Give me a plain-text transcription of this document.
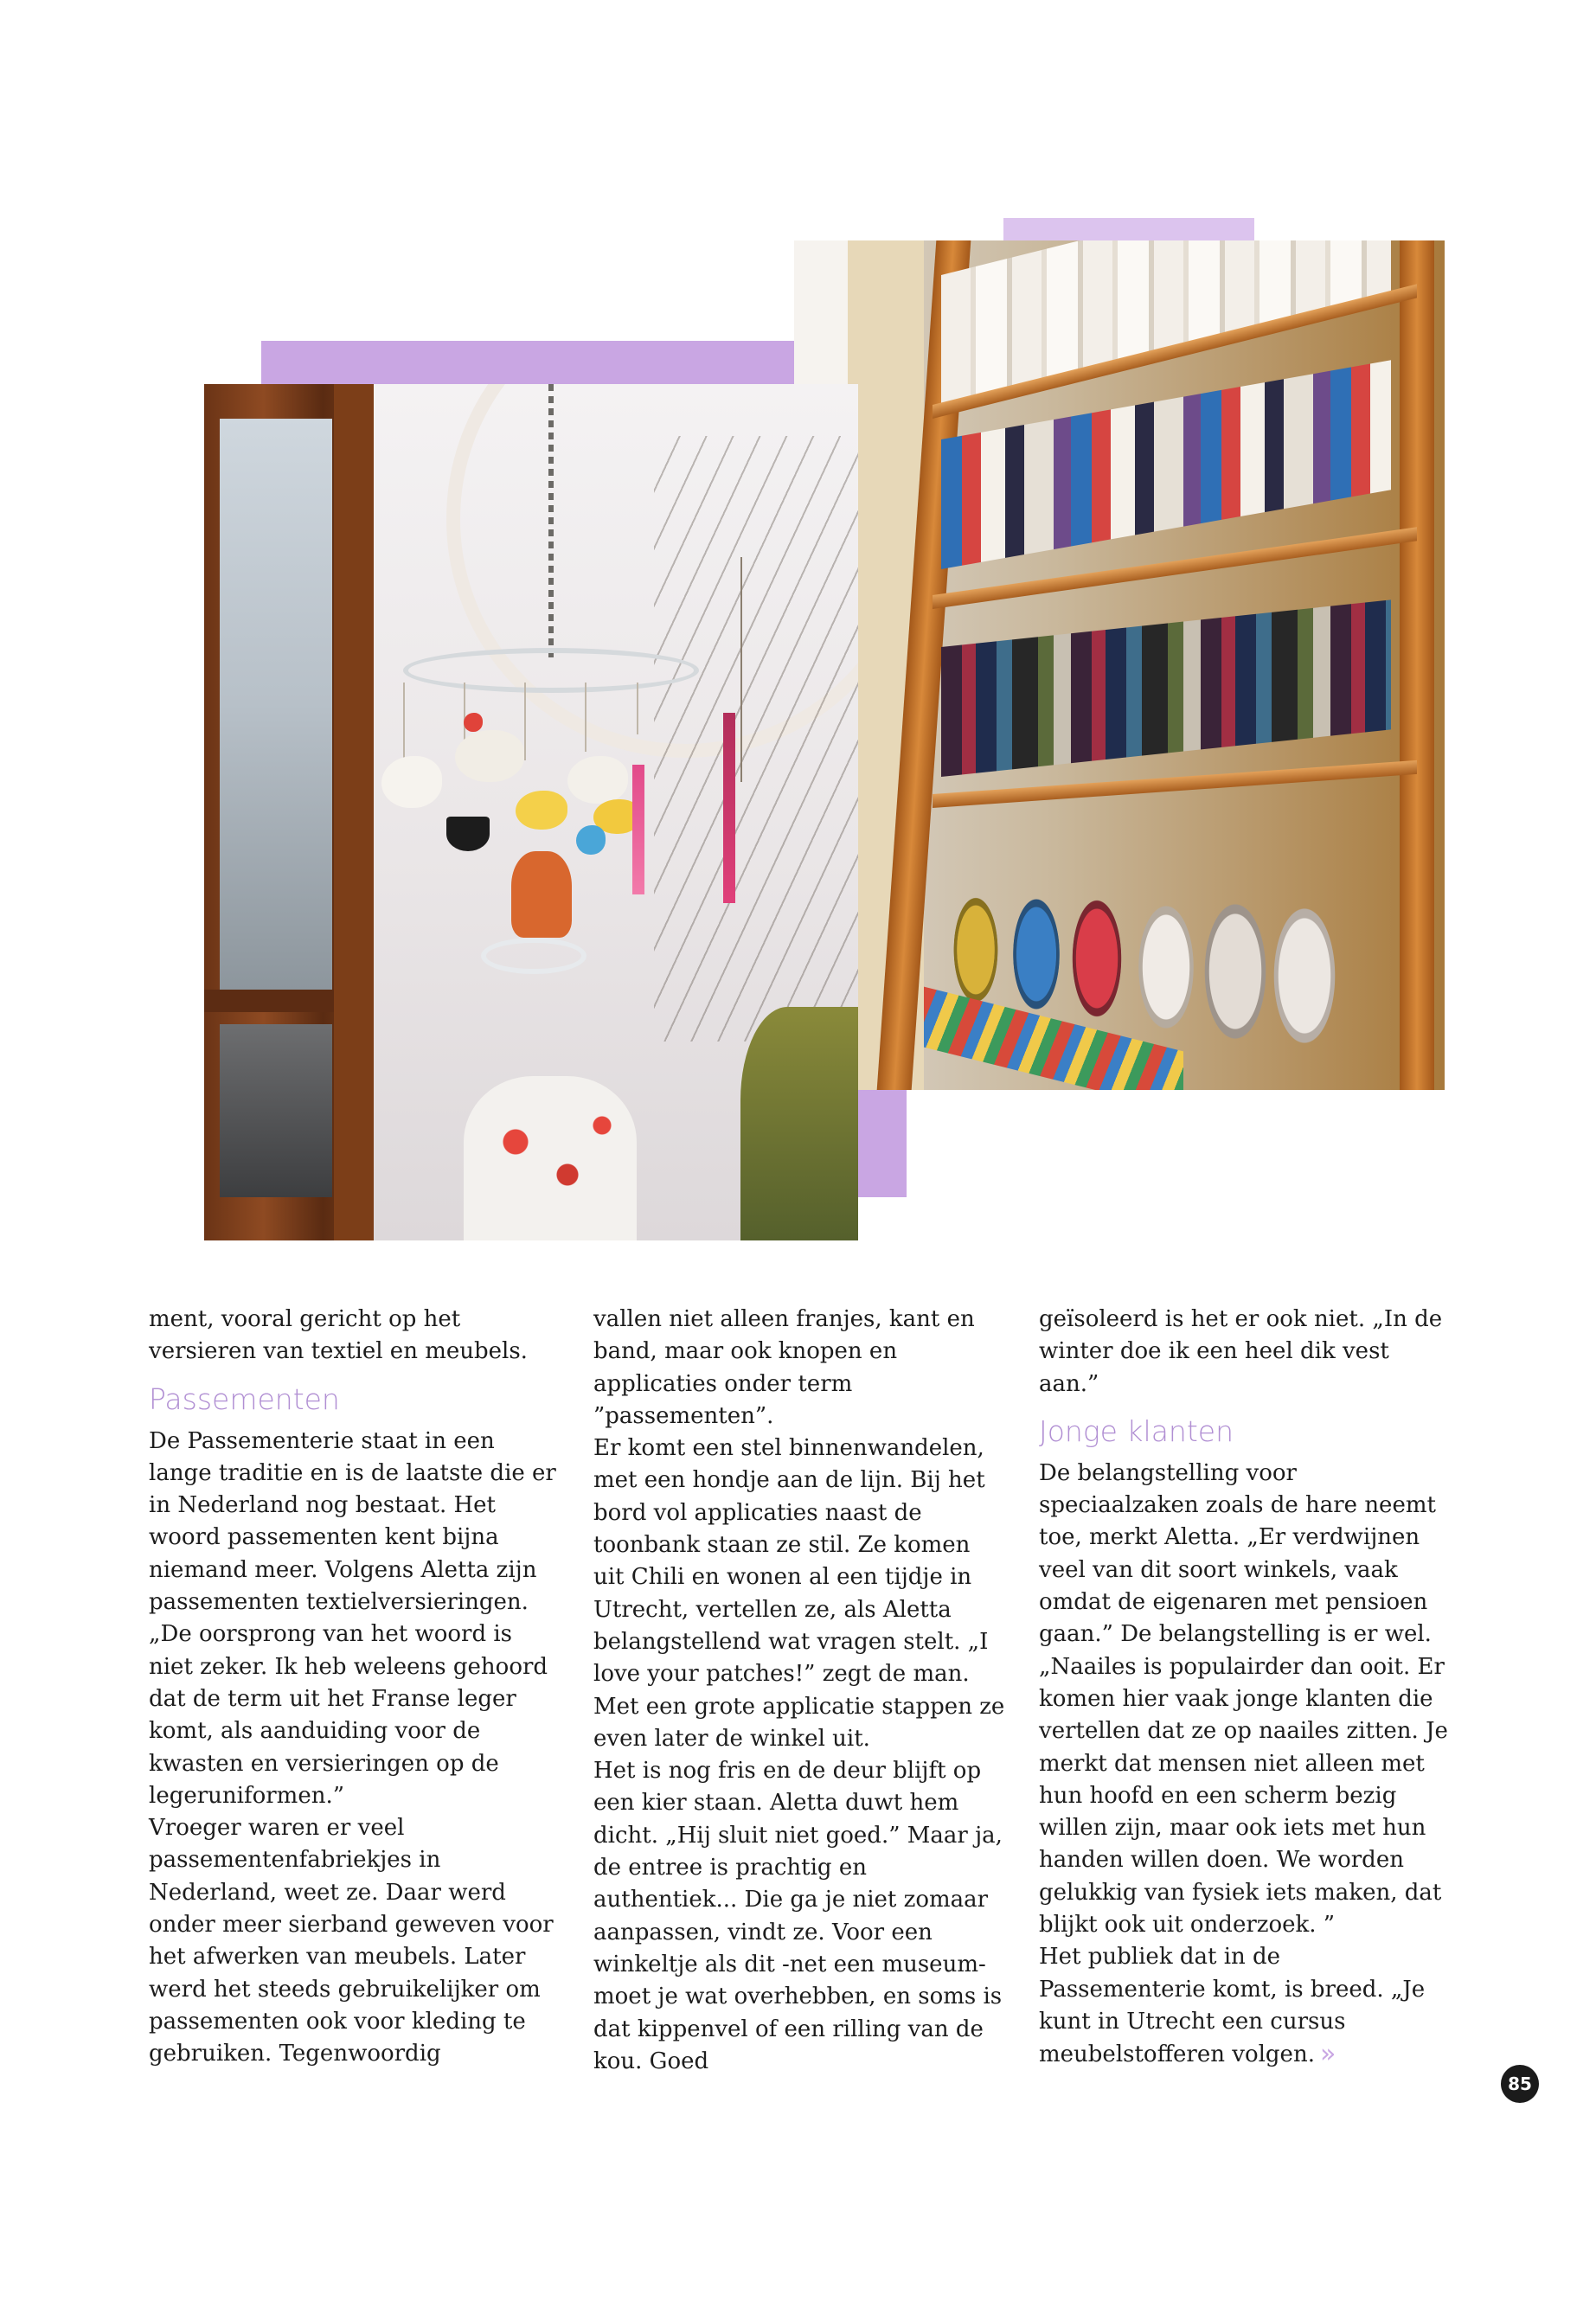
ment, vooral gericht op het versieren van textiel en meubels.

Passementen

De Passementerie staat in een lange traditie en is de laatste die er in Nederland nog bestaat. Het woord passementen kent bijna niemand meer. Volgens Aletta zijn passementen textielversieringen. „De oorsprong van het woord is niet zeker. Ik heb weleens gehoord dat de term uit het Franse leger komt, als aanduiding voor de kwasten en versieringen op de legeruniformen.”

Vroeger waren er veel passementenfabriekjes in Nederland, weet ze. Daar werd onder meer sierband geweven voor het afwerken van meubels. Later werd het steeds gebruikelijker om passementen ook voor kleding te gebruiken. Tegenwoordig

vallen niet alleen franjes, kant en band, maar ook knopen en applicaties onder term ”passementen”.

Er komt een stel binnenwandelen, met een hondje aan de lijn. Bij het bord vol applicaties naast de toonbank staan ze stil. Ze komen uit Chili en wonen al een tijdje in Utrecht, vertellen ze, als Aletta belangstellend wat vragen stelt. „I love your patches!” zegt de man. Met een grote applicatie stappen ze even later de winkel uit.

Het is nog fris en de deur blijft op een kier staan. Aletta duwt hem dicht. „Hij sluit niet goed.” Maar ja, de entree is prachtig en authentiek... Die ga je niet zomaar aanpassen, vindt ze. Voor een winkeltje als dit -net een museum- moet je wat overhebben, en soms is dat kippenvel of een rilling van de kou. Goed

geïsoleerd is het er ook niet. „In de winter doe ik een heel dik vest aan.”

Jonge klanten

De belangstelling voor speciaalzaken zoals de hare neemt toe, merkt Aletta. „Er verdwijnen veel van dit soort winkels, vaak omdat de eigenaren met pensioen gaan.” De belangstelling is er wel. „Naailes is populairder dan ooit. Er komen hier vaak jonge klanten die vertellen dat ze op naailes zitten. Je merkt dat mensen niet alleen met hun hoofd en een scherm bezig willen zijn, maar ook iets met hun handen willen doen. We worden gelukkig van fysiek iets maken, dat blijkt ook uit onderzoek. ”

Het publiek dat in de Passementerie komt, is breed. „Je kunt in Utrecht een cursus meubelstofferen volgen. »

85
